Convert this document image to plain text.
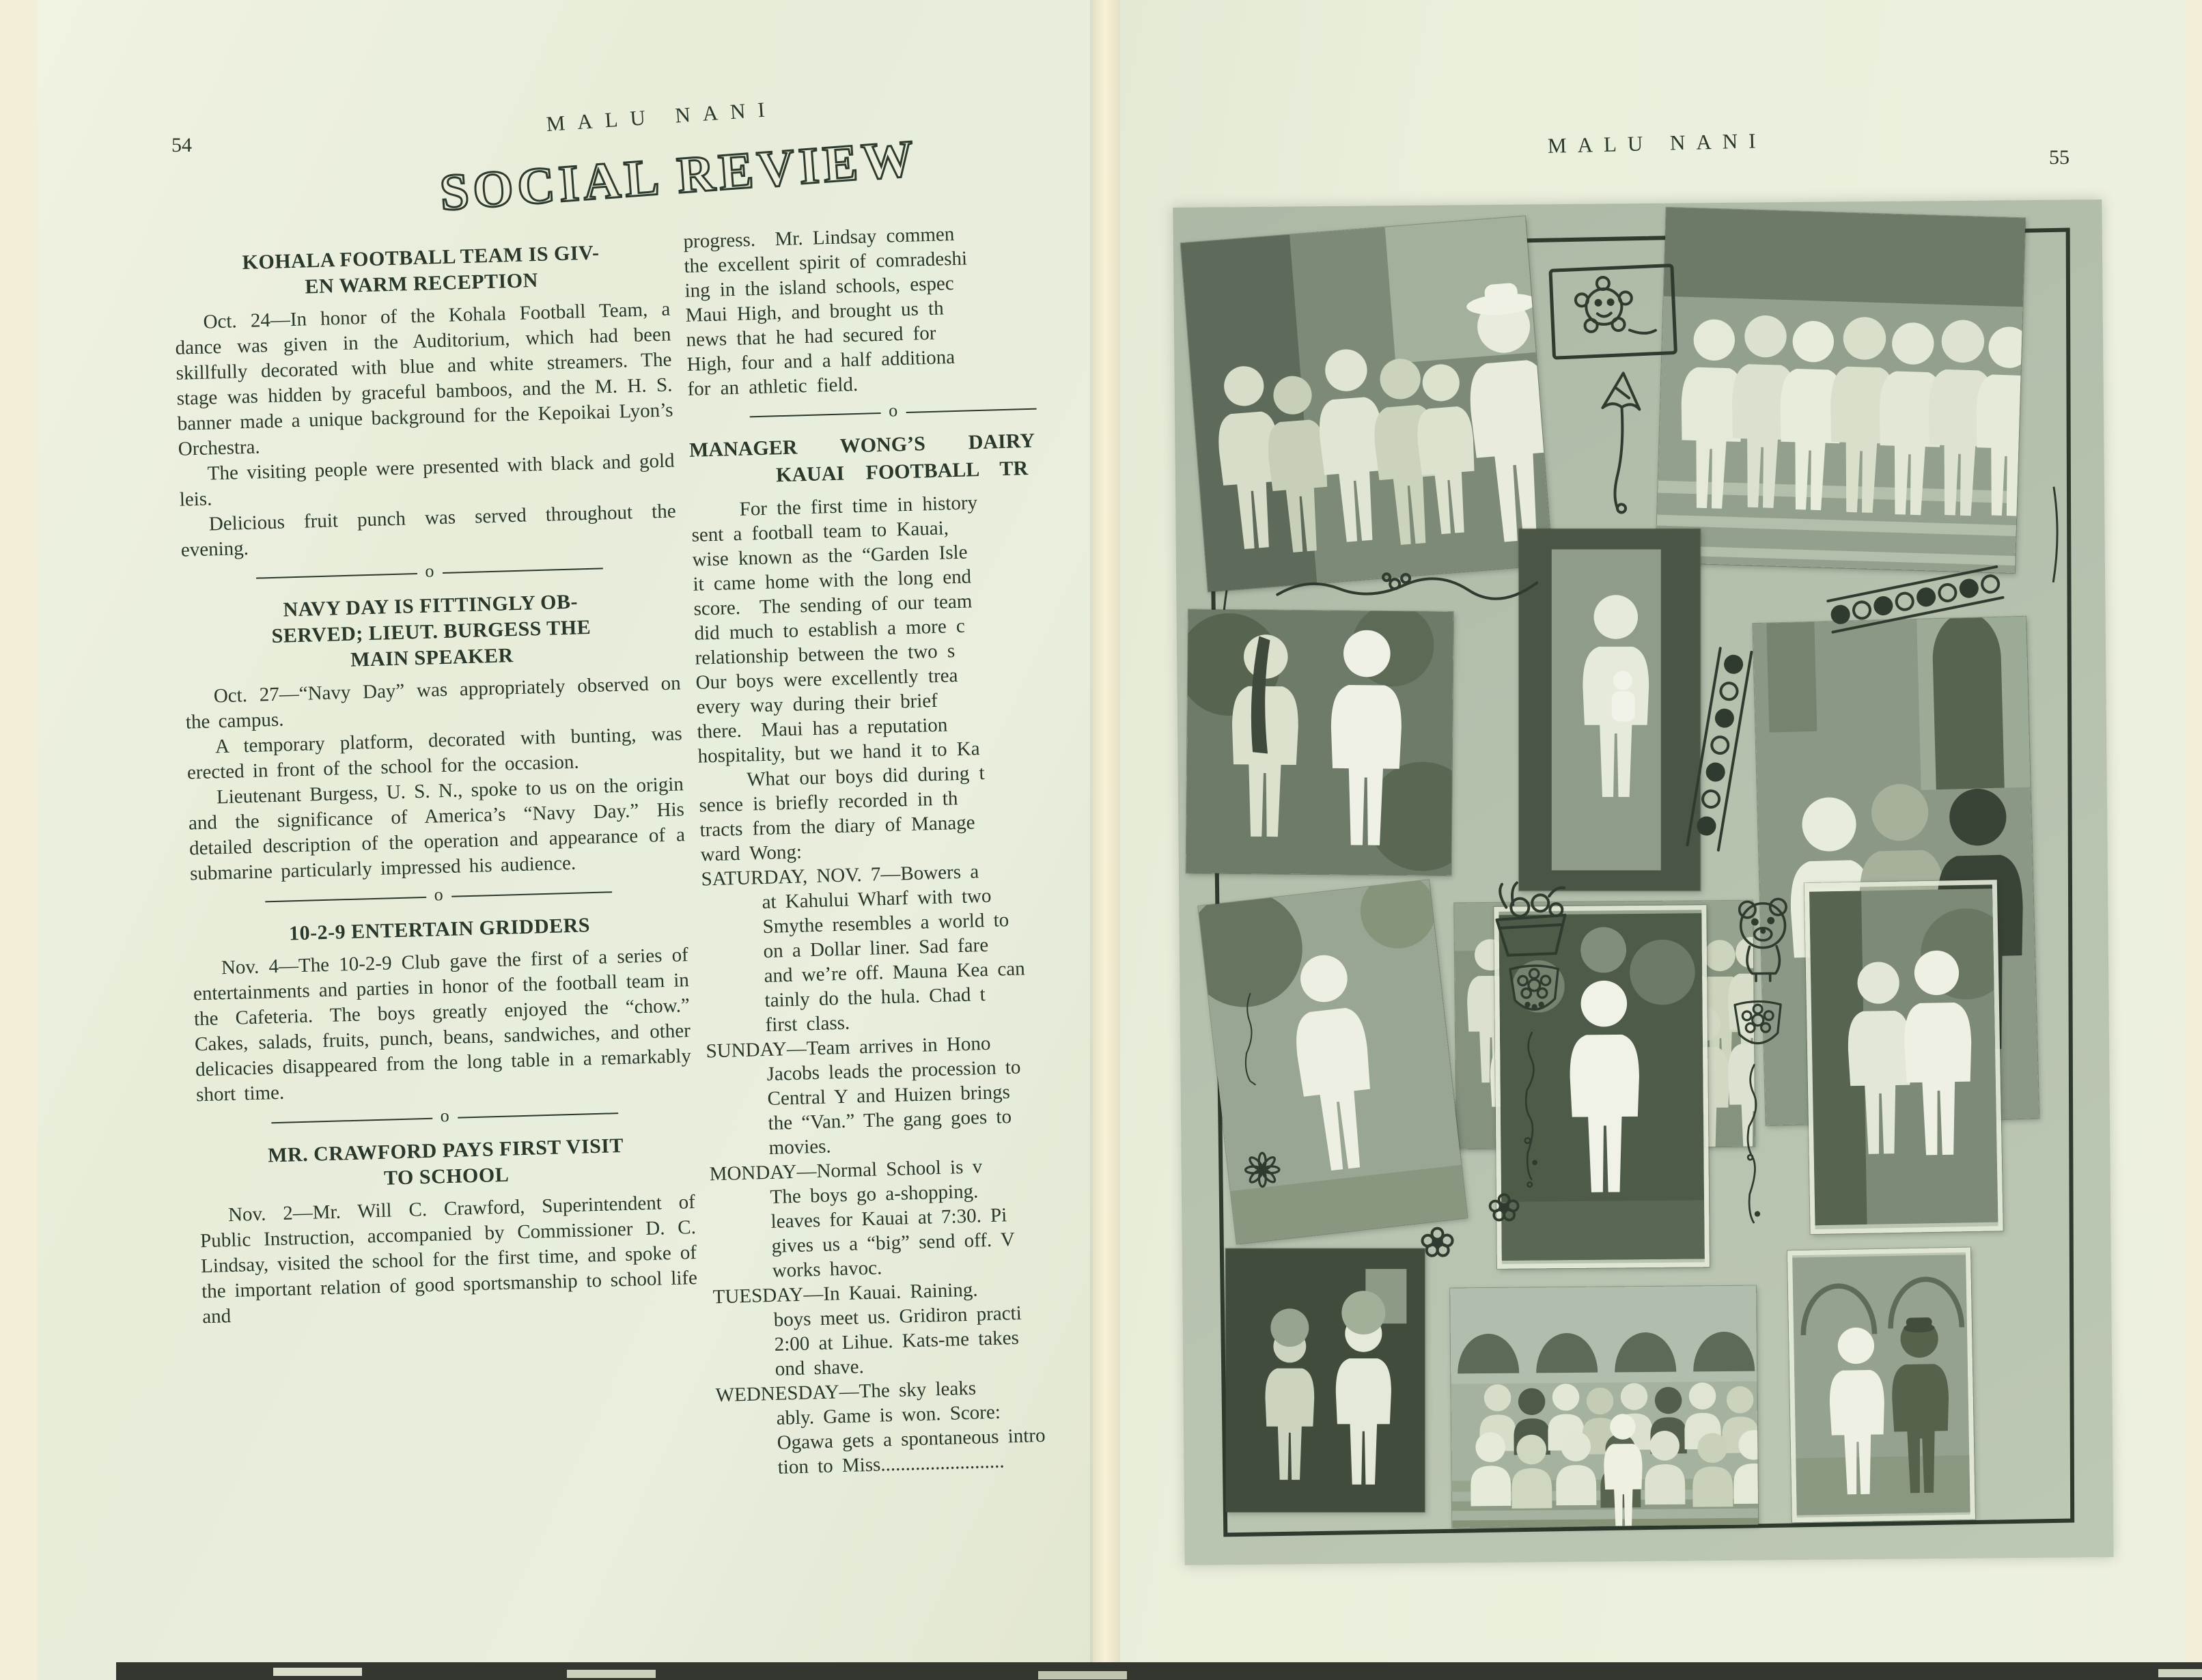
54
MALU NANI
SOCIAL REVIEW
KOHALA FOOTBALL TEAM IS GIV-
EN WARM RECEPTION

Oct. 24—In honor of the Kohala Football Team, a dance was given in the Auditorium, which had been skillfully decorated with blue and white streamers. The stage was hidden by graceful bamboos, and the M. H. S. banner made a unique background for the Kepoikai Lyon’s Orchestra.

The visiting people were presented with black and gold leis.

Delicious fruit punch was served throughout the evening.

o
NAVY DAY IS FITTINGLY OB-
SERVED; LIEUT. BURGESS THE
MAIN SPEAKER

Oct. 27—“Navy Day” was appropriately observed on the campus.

A temporary platform, decorated with bunting, was erected in front of the school for the occasion.

Lieutenant Burgess, U. S. N., spoke to us on the origin and the significance of America’s “Navy Day.” His detailed description of the operation and appearance of a submarine particularly impressed his audience.

o
10-2-9 ENTERTAIN GRIDDERS

Nov. 4—The 10-2-9 Club gave the first of a series of entertainments and parties in honor of the football team in the Cafeteria. The boys greatly enjoyed the “chow.” Cakes, salads, fruits, punch, beans, sandwiches, and other delicacies disappeared from the long table in a remarkably short time.

o
MR. CRAWFORD PAYS FIRST VISIT
TO SCHOOL

Nov. 2—Mr. Will C. Crawford, Superintendent of Public Instruction, accompanied by Commissioner D. C. Lindsay, visited the school for the first time, and spoke of the important relation of good sportsmanship to school life and

progress.  Mr. Lindsay commen
the excellent spirit of comradeshi
ing in the island schools, espec
Maui High, and brought us th
news that he had secured for
High, four and a half additiona
for an athletic field.
o
MANAGER  WONG’S  DAIRY
KAUAI FOOTBALL TR
For the first time in history
sent a football team to Kauai,
wise known as the “Garden Isle
it came home with the long end
score.  The sending of our team
did much to establish a more c
relationship between the two s
Our boys were excellently trea
every way during their brief
there.  Maui has a reputation
hospitality, but we hand it to Ka
What our boys did during t
sence is briefly recorded in th
tracts from the diary of Manage
ward Wong:
SATURDAY, NOV. 7—Bowers a
at Kahului Wharf with two
Smythe resembles a world to
on a Dollar liner. Sad fare
and we’re off. Mauna Kea can
tainly do the hula. Chad t
first class.
SUNDAY—Team arrives in Hono
Jacobs leads the procession to
Central Y and Huizen brings
the “Van.” The gang goes to
movies.
MONDAY—Normal School is v
The boys go a-shopping.
leaves for Kauai at 7:30. Pi
gives us a “big” send off. V
works havoc.
TUESDAY—In Kauai. Raining.
boys meet us. Gridiron practi
2:00 at Lihue. Kats-me takes
ond shave.
WEDNESDAY—The sky leaks
ably. Game is won. Score:
Ogawa gets a spontaneous intro
tion to Miss.........................
MALU NANI	55
